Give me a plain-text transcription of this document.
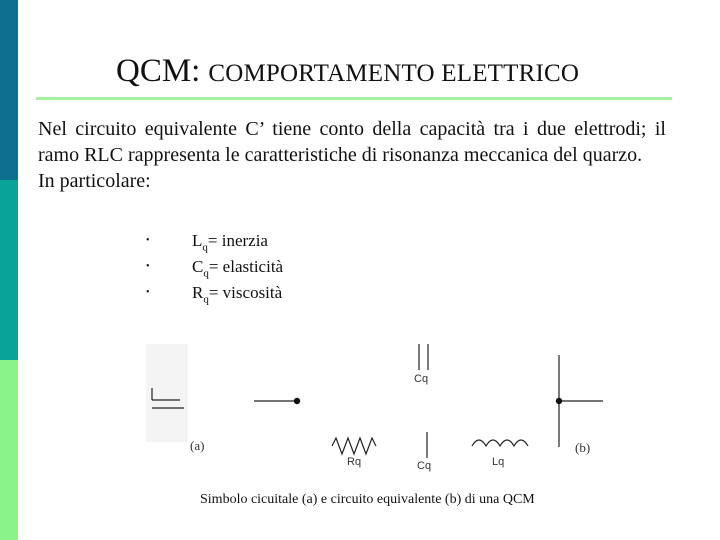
QCM: COMPORTAMENTO ELETTRICO

Nel circuito equivalente C’ tiene conto della capacità tra i due elettrodi; il ramo RLC rappresenta le caratteristiche di risonanza meccanica del quarzo.

In particolare:

• $L_q=$ inerzia
• $C_q=$ elasticità
• $R_q=$ viscosità
Cq
(a)	(b)
Rq	Cq	Lq
Simbolo cicuitale (a) e circuito equivalente (b) di una QCM
